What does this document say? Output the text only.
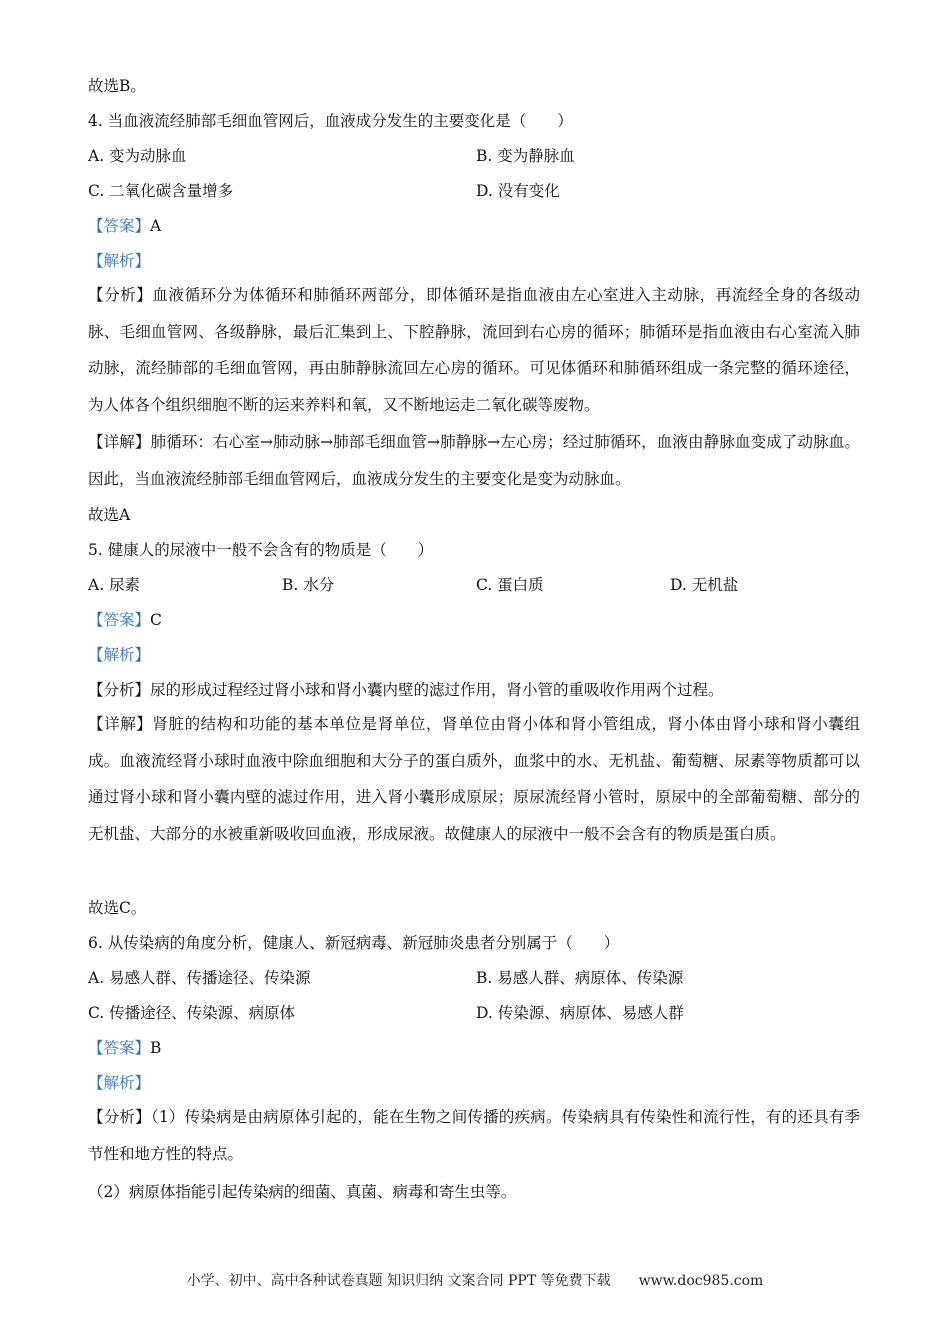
故选B。
4. 当血液流经肺部毛细血管网后，血液成分发生的主要变化是（　　）
A. 变为动脉血	B. 变为静脉血
C. 二氧化碳含量增多	D. 没有变化
【答案】A
【解析】
【分析】血液循环分为体循环和肺循环两部分，即体循环是指血液由左心室进入主动脉，再流经全身的各级动脉、毛细血管网、各级静脉，最后汇集到上、下腔静脉，流回到右心房的循环；肺循环是指血液由右心室流入肺动脉，流经肺部的毛细血管网，再由肺静脉流回左心房的循环。可见体循环和肺循环组成一条完整的循环途径，为人体各个组织细胞不断的运来养料和氧，又不断地运走二氧化碳等废物。
【详解】肺循环：右心室→肺动脉→肺部毛细血管→肺静脉→左心房；经过肺循环，血液由静脉血变成了动脉血。因此，当血液流经肺部毛细血管网后，血液成分发生的主要变化是变为动脉血。
故选A
5. 健康人的尿液中一般不会含有的物质是（　　）
A. 尿素	B. 水分	C. 蛋白质	D. 无机盐
【答案】C
【解析】
【分析】尿的形成过程经过肾小球和肾小囊内壁的滤过作用，肾小管的重吸收作用两个过程。
【详解】肾脏的结构和功能的基本单位是肾单位，肾单位由肾小体和肾小管组成，肾小体由肾小球和肾小囊组成。血液流经肾小球时血液中除血细胞和大分子的蛋白质外，血浆中的水、无机盐、葡萄糖、尿素等物质都可以通过肾小球和肾小囊内壁的滤过作用，进入肾小囊形成原尿；原尿流经肾小管时，原尿中的全部葡萄糖、部分的无机盐、大部分的水被重新吸收回血液，形成尿液。故健康人的尿液中一般不会含有的物质是蛋白质。
故选C。
6. 从传染病的角度分析，健康人、新冠病毒、新冠肺炎患者分别属于（　　）
A. 易感人群、传播途径、传染源	B. 易感人群、病原体、传染源
C. 传播途径、传染源、病原体	D. 传染源、病原体、易感人群
【答案】B
【解析】
【分析】（1）传染病是由病原体引起的，能在生物之间传播的疾病。传染病具有传染性和流行性，有的还具有季节性和地方性的特点。
（2）病原体指能引起传染病的细菌、真菌、病毒和寄生虫等。
小学、初中、高中各种试卷真题 知识归纳 文案合同 PPT 等免费下载　　www.doc985.com
